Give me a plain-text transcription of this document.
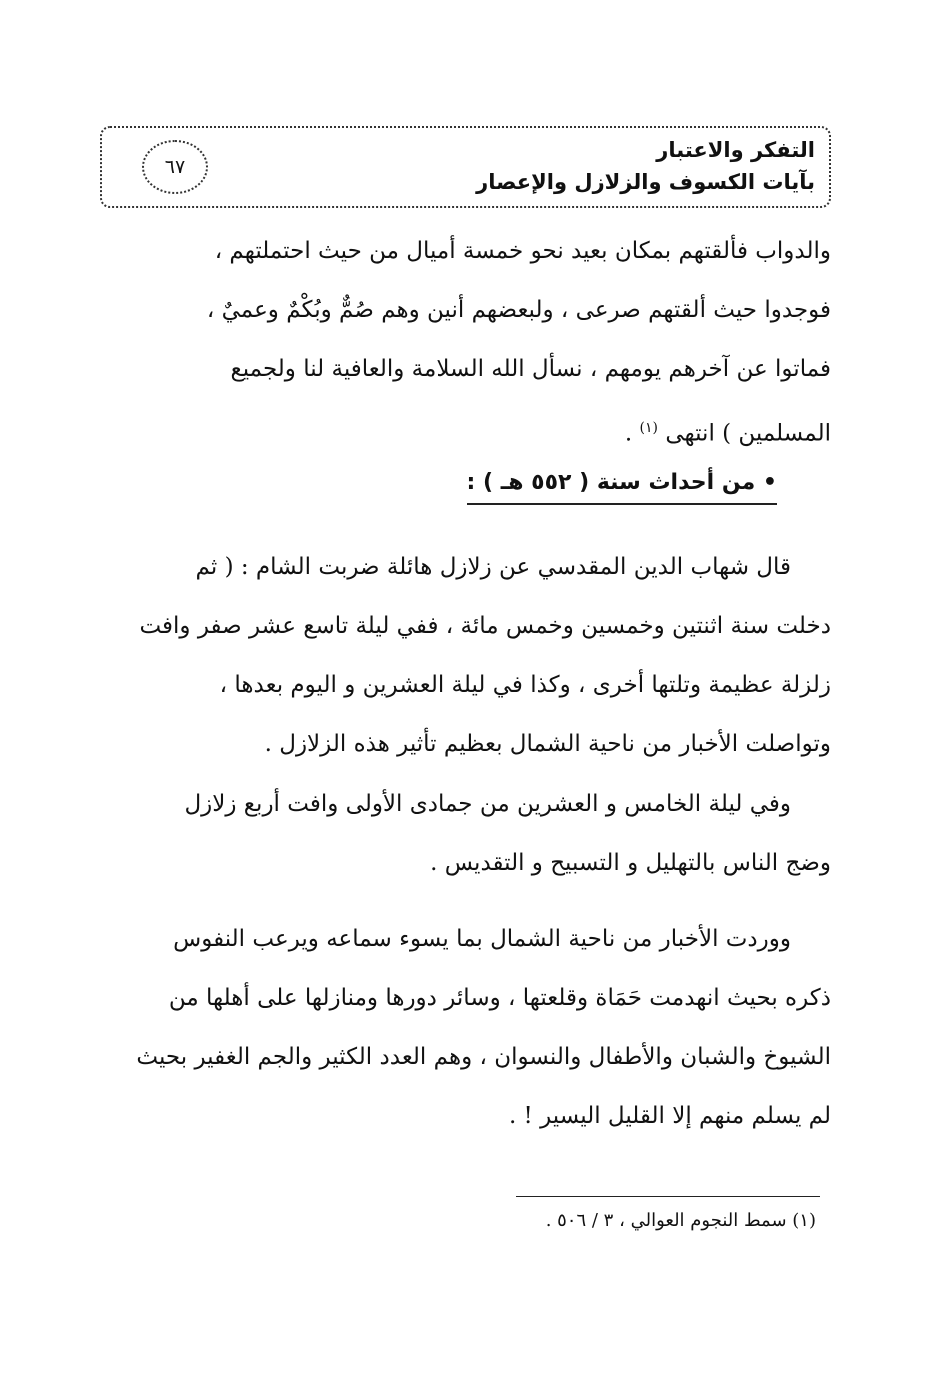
٦٧
التفكر والاعتبار
بآيات الكسوف والزلازل والإعصار
والدواب فألقتهم بمكان بعيد نحو خمسة أميال من حيث احتملتهم ،
فوجدوا حيث ألقتهم صرعى ، ولبعضهم أنين وهم صُمٌّ وبُكْمٌ وعميٌ ،
فماتوا عن آخرهم يومهم ، نسأل الله السلامة والعافية لنا ولجميع
المسلمين ) انتهى $^{(١)}$ .
• من أحداث سنة ( ٥٥٢ هـ ) :
قال شهاب الدين المقدسي عن زلازل هائلة ضربت الشام : ( ثم
دخلت سنة اثنتين وخمسين وخمس مائة ، ففي ليلة تاسع عشر صفر وافت
زلزلة عظيمة وتلتها أخرى ، وكذا في ليلة العشرين و اليوم بعدها ،
وتواصلت الأخبار من ناحية الشمال بعظيم تأثير هذه الزلازل .
وفي ليلة الخامس و العشرين من جمادى الأولى وافت أربع زلازل
وضج الناس بالتهليل و التسبيح و التقديس .
ووردت الأخبار من ناحية الشمال بما يسوء سماعه ويرعب النفوس
ذكره بحيث انهدمت حَمَاة وقلعتها ، وسائر دورها ومنازلها على أهلها من
الشيوخ والشبان والأطفال والنسوان ، وهم العدد الكثير والجم الغفير بحيث
لم يسلم منهم إلا القليل اليسير ! .
(١) سمط النجوم العوالي ، ٣ / ٥٠٦ .
